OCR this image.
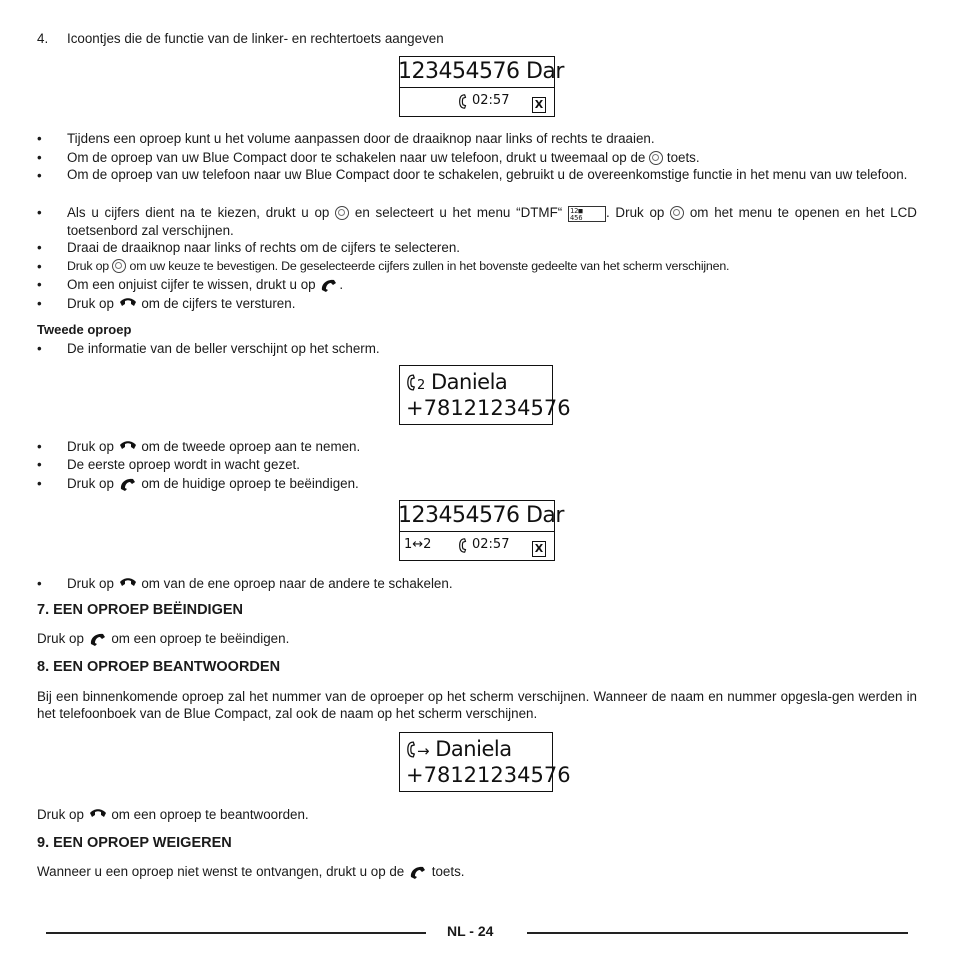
4. Icoontjes die de functie van de linker- en rechtertoets aangeven
123454576 Dar
02:57 X
• Tijdens een oproep kunt u het volume aanpassen door de draaiknop naar links of rechts te draaien.
• Om de oproep van uw Blue Compact door te schakelen naar uw telefoon, drukt u tweemaal op de toets.
• Om de oproep van uw telefoon naar uw Blue Compact door te schakelen, gebruikt u de overeenkomstige functie in het menu van uw telefoon.
• Als u cijfers dient na te kiezen, drukt u op en selecteert u het menu “DTMF“ 12■
456 . Druk op om het menu te openen en het LCD toetsenbord zal verschijnen.
• Draai de draaiknop naar links of rechts om de cijfers te selecteren.
• Druk op om uw keuze te bevestigen. De geselecteerde cijfers zullen in het bovenste gedeelte van het scherm verschijnen.
• Om een onjuist cijfer te wissen, drukt u op .
• Druk op om de cijfers te versturen.
Tweede oproep
• De informatie van de beller verschijnt op het scherm.
2 Daniela
+78121234576
• Druk op om de tweede oproep aan te nemen.
• De eerste oproep wordt in wacht gezet.
• Druk op om de huidige oproep te beëindigen.
123454576 Dar
1↔2	02:57 X
• Druk op om van de ene oproep naar de andere te schakelen.
7. EEN OPROEP BEËINDIGEN
Druk op om een oproep te beëindigen.
8. EEN OPROEP BEANTWOORDEN
Bij een binnenkomende oproep zal het nummer van de oproeper op het scherm verschijnen. Wanneer de naam en nummer opgesla-gen werden in het telefoonboek van de Blue Compact, zal ook de naam op het scherm verschijnen.
→ Daniela
+78121234576
Druk op om een oproep te beantwoorden.
9. EEN OPROEP WEIGEREN
Wanneer u een oproep niet wenst te ontvangen, drukt u op de toets.
NL - 24
